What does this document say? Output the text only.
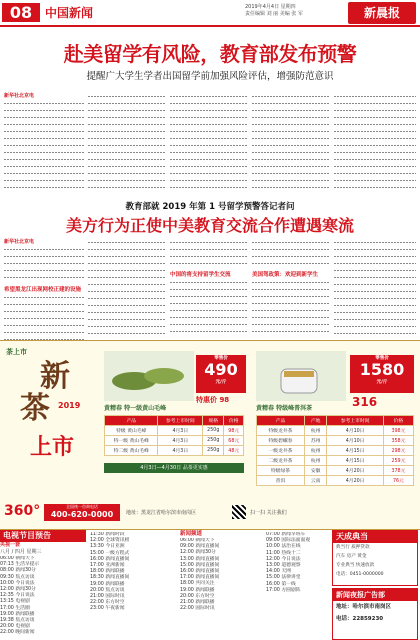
08	中国新闻	2019年4月4日 星期四
责任编辑 刘 丽 美编 张 军	新晨报
赴美留学有风险，教育部发布预警
提醒广大学生学者出国留学前加强风险评估，增强防范意识
新华社北京电
教育部就 2019 年第 1 号留学预警答记者问
美方行为正使中美教育交流合作遭遇寒流
新华社北京电
希望黑龙江出现网校正建的设施
中国的将支持留学生交流	美国驾政策：欢迎到新学生
茶上市
新
茶
上市
2019	黄精春 特一级黄山毛峰
零售价
490
元/斤
特惠价 98
黄精春 特级峰普洱茶
零售价
1580
元/斤
316
产品	参考上市时间	规格	价格
特级 黄山毛峰	4月3日	250g	98元
特一级 黄山毛峰	4月3日	250g	68元
特二级 黄山毛峰	4月3日	250g	48元
产品	产地	参考上市时间	价格
特级龙井茶	杭州	4月10日	398元
特级碧螺春	苏州	4月10日	358元
一级龙井茶	杭州	4月15日	298元
二级龙井茶	杭州	4月15日	259元
特级绿茶	安徽	4月20日	378元
普洱	云南	4月20日	76元
4月3日—4月30日 品茶更实惠
360°	全国统一咨询电话
400-620-0000	地址：黑龙江省哈尔滨市南岗区	扫一扫 关注我们
电视节目预告
央视一套
八月 / 四月 星期三
06:00 朝闻天下
07:13 生活早提示
08:00 新闻30分
09:30 焦点访谈
10:00 今日说法
12:00 新闻30分
12:35 今日说法
13:15 电视剧
17:00 生活圈
19:00 新闻联播
19:38 焦点访谈
20:00 电视剧
22:00 晚间新闻
11:30 新闻时段
12:00 全球资讯榜
13:30 今日亚洲
15:00 一级方程式
16:00 新闻直播间
17:00 亚洲新闻
18:00 新闻联播
18:30 新闻直播间
19:00 新闻联播
20:00 焦点访谈
21:00 国际时讯
22:00 东方时空
23:00 午夜新闻
新闻频道
06:00 朝闻天下
09:00 新闻直播间
12:00 新闻30分
13:00 新闻直播间
15:00 新闻直播间
16:00 新闻直播间
17:00 新闻直播间
18:00 共同关注
19:00 新闻联播
20:00 东方时空
21:00 新闻联播
22:00 国际时讯
07:00 新闻早班车
09:00 国际法面面观
10:00 法治在线
11:00 热线十二
12:00 今日说法
13:00 道德观察
14:00 天网
15:00 法律讲堂
16:00 第一线
17:00 方圆剧阵
天成典当
典当行 质押贷款
汽车 房产 黄金
专业典当 快速放款
电话：0451-0000000
新闻夜报广告部
地址：哈尔滨市南岗区
电话：22859230
